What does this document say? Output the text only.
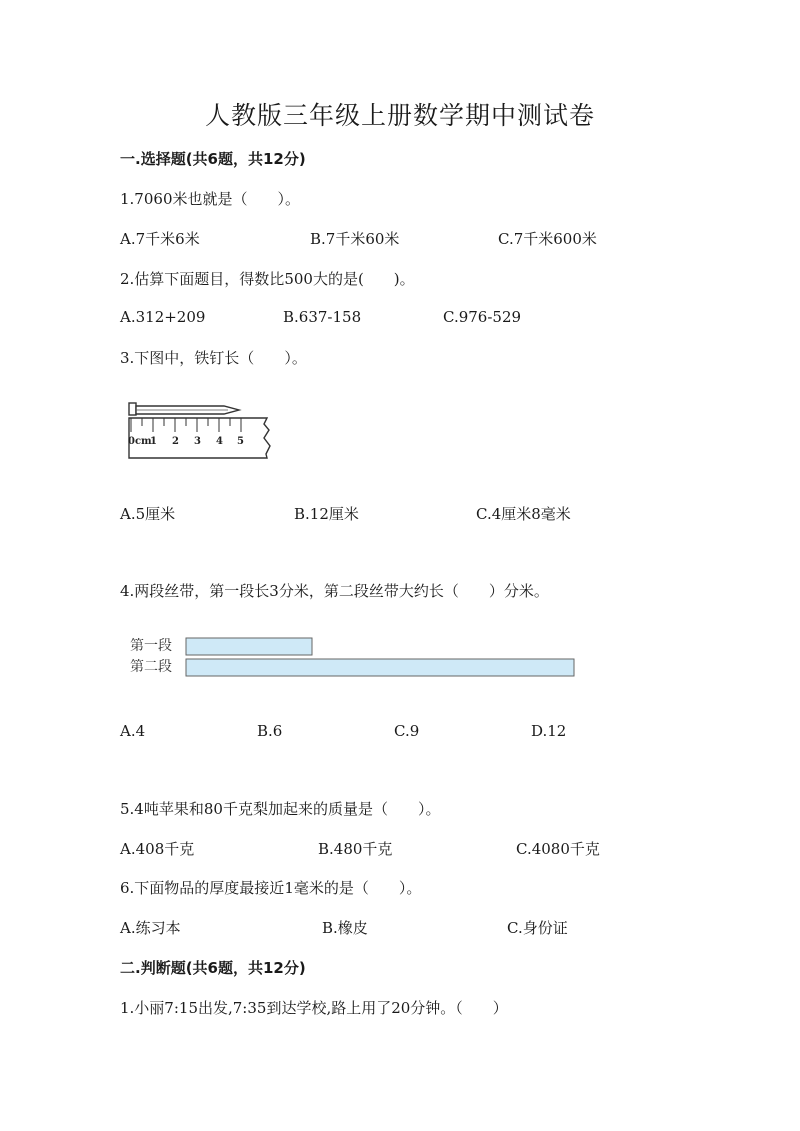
人教版三年级上册数学期中测试卷
一.选择题(共6题，共12分)
1.7060米也就是（　　）。
A.7千米6米	B.7千米60米	C.7千米600米
2.估算下面题目，得数比500大的是(　　)。
A.312+209	B.637-158	C.976-529
3.下图中，铁钉长（　　）。
0cm
1 2 3 4 5
A.5厘米	B.12厘米	C.4厘米8毫米
4.两段丝带，第一段长3分米，第二段丝带大约长（　　）分米。
第一段
第二段
A.4	B.6	C.9	D.12
5.4吨苹果和80千克梨加起来的质量是（　　）。
A.408千克	B.480千克	C.4080千克
6.下面物品的厚度最接近1毫米的是（　　）。
A.练习本	B.橡皮	C.身份证
二.判断题(共6题，共12分)
1.小丽7:15出发,7:35到达学校,路上用了20分钟。（　　）
